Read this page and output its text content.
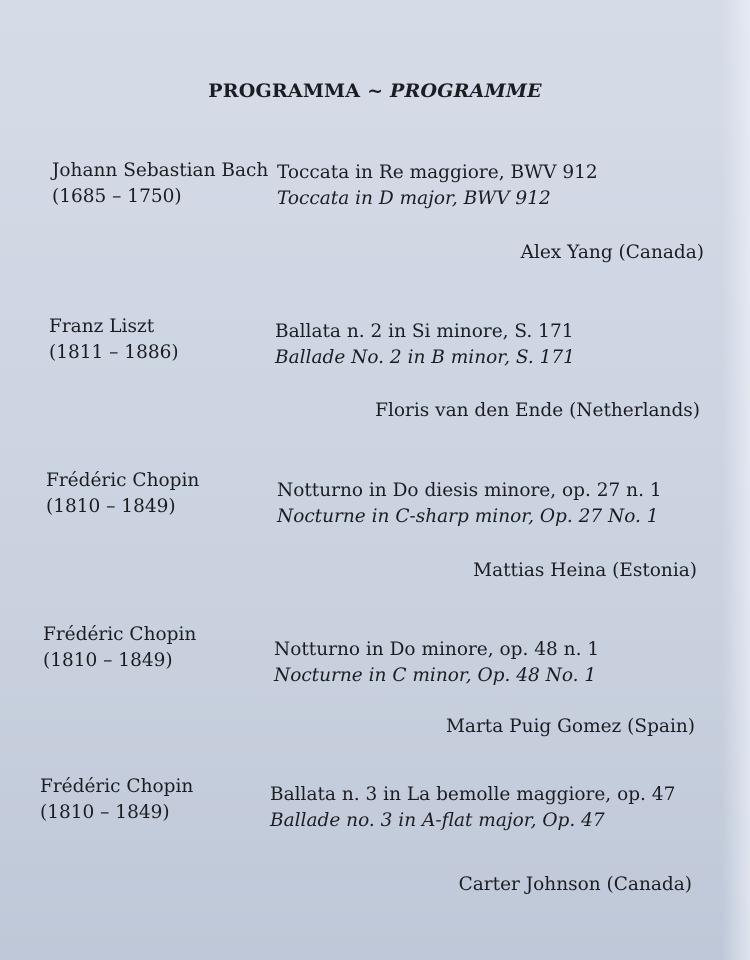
PROGRAMMA ~ PROGRAMME
Johann Sebastian Bach
(1685 – 1750)
Toccata in Re maggiore, BWV 912
Toccata in D major, BWV 912
Alex Yang (Canada)
Franz Liszt
(1811 – 1886)
Ballata n. 2 in Si minore, S. 171
Ballade No. 2 in B minor, S. 171
Floris van den Ende (Netherlands)
Frédéric Chopin
(1810 – 1849)
Notturno in Do diesis minore, op. 27 n. 1
Nocturne in C-sharp minor, Op. 27 No. 1
Mattias Heina (Estonia)
Frédéric Chopin
(1810 – 1849)
Notturno in Do minore, op. 48 n. 1
Nocturne in C minor, Op. 48 No. 1
Marta Puig Gomez (Spain)
Frédéric Chopin
(1810 – 1849)
Ballata n. 3 in La bemolle maggiore, op. 47
Ballade no. 3 in A-flat major, Op. 47
Carter Johnson (Canada)
